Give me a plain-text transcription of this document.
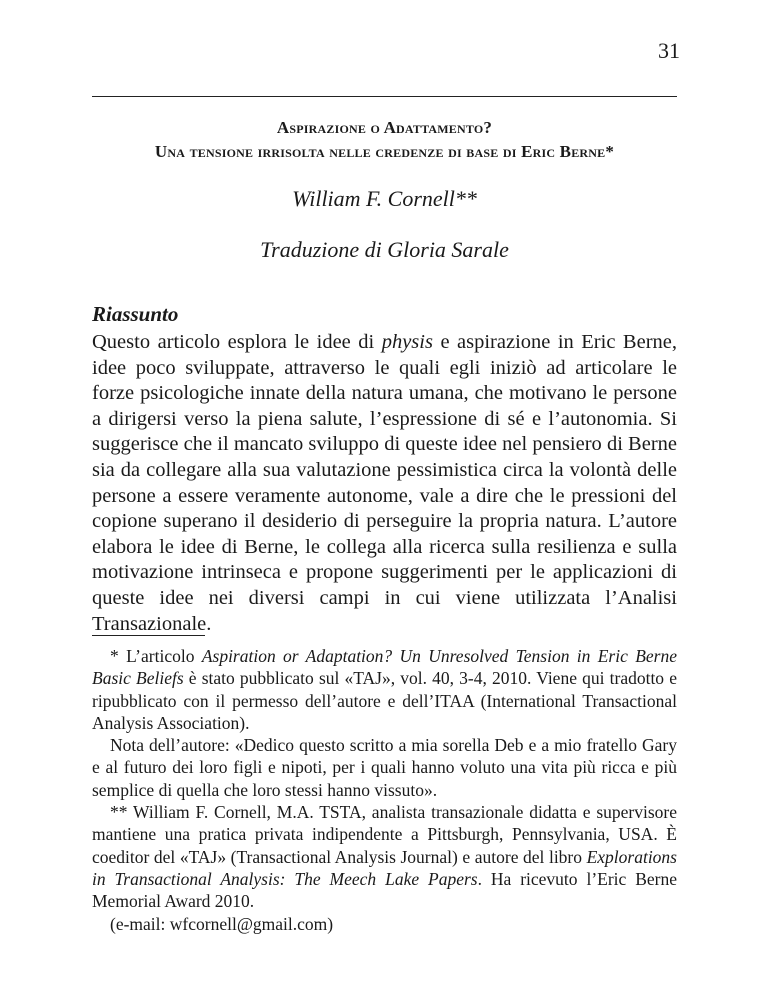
31
Aspirazione o Adattamento?
Una tensione irrisolta nelle credenze di base di Eric Berne*
William F. Cornell**
Traduzione di Gloria Sarale
Riassunto
Questo articolo esplora le idee di physis e aspirazione in Eric Berne, idee poco sviluppate, attraverso le quali egli iniziò ad articolare le forze psicologiche innate della natura umana, che motivano le persone a dirigersi verso la piena salute, l’espressione di sé e l’autonomia. Si suggerisce che il mancato sviluppo di queste idee nel pensiero di Berne sia da collegare alla sua valutazione pessimistica circa la volontà delle persone a essere veramente autonome, vale a dire che le pressioni del copione superano il desiderio di perseguire la propria natura. L’autore elabora le idee di Berne, le collega alla ricerca sulla resilienza e sulla motivazione intrinseca e propone suggerimenti per le applicazioni di queste idee nei diversi campi in cui viene utilizzata l’Analisi Transazionale.

* L’articolo Aspiration or Adaptation? Un Unresolved Tension in Eric Berne Basic Beliefs è stato pubblicato sul «TAJ», vol. 40, 3-4, 2010. Viene qui tradotto e ripubblicato con il permesso dell’autore e dell’ITAA (International Transactional Analysis Association).

Nota dell’autore: «Dedico questo scritto a mia sorella Deb e a mio fratello Gary e al futuro dei loro figli e nipoti, per i quali hanno voluto una vita più ricca e più semplice di quella che loro stessi hanno vissuto».

** William F. Cornell, M.A. TSTA, analista transazionale didatta e supervisore mantiene una pratica privata indipendente a Pittsburgh, Pennsylvania, USA. È coeditor del «TAJ» (Transactional Analysis Journal) e autore del libro Explorations in Transactional Analysis: The Meech Lake Papers. Ha ricevuto l’Eric Berne Memorial Award 2010.

(e-mail: wfcornell@gmail.com)
